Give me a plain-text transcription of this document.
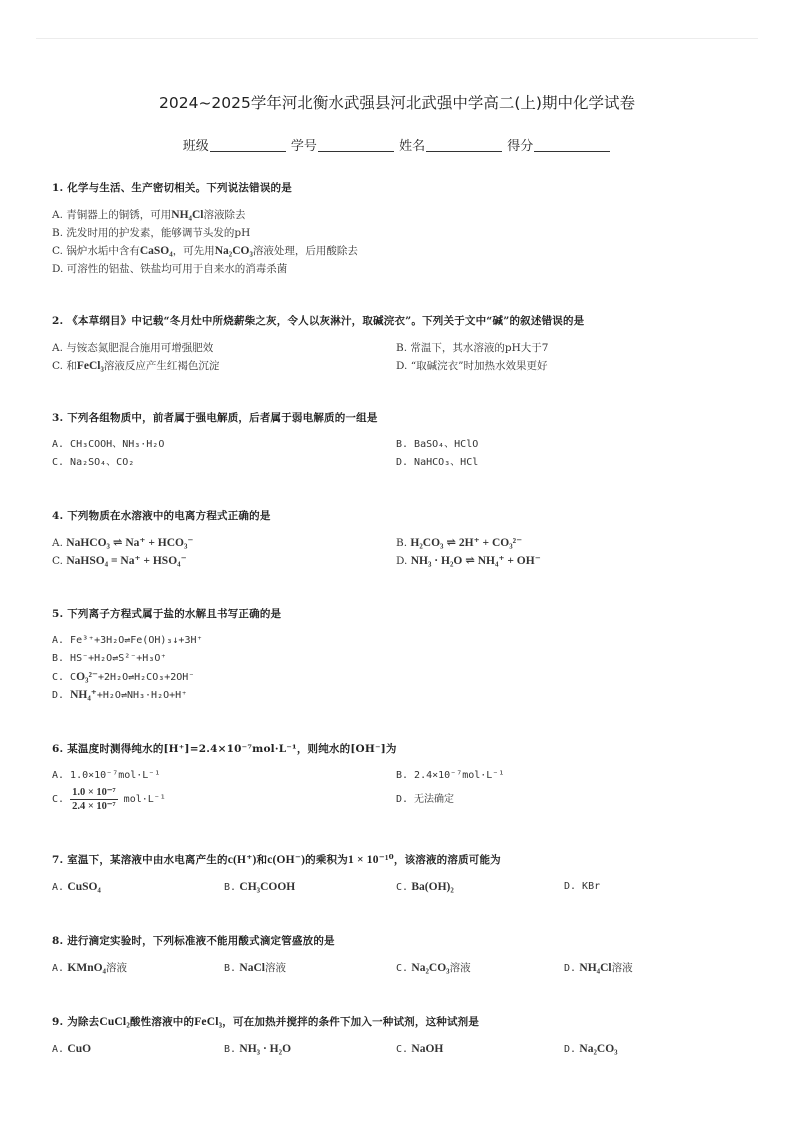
2024~2025学年河北衡水武强县河北武强中学高二(上)期中化学试卷
班级	学号	姓名	得分
1. 化学与生活、生产密切相关。下列说法错误的是
A. 青铜器上的铜锈，可用NH₄Cl溶液除去
B. 洗发时用的护发素，能够调节头发的pH
C. 锅炉水垢中含有CaSO₄，可先用Na₂CO₃溶液处理，后用酸除去
D. 可溶性的铝盐、铁盐均可用于自来水的消毒杀菌
2. 《本草纲目》中记载“冬月灶中所烧薪柴之灰，令人以灰淋汁，取碱浣衣”。下列关于文中“碱”的叙述错误的是
A. 与铵态氮肥混合施用可增强肥效	B. 常温下，其水溶液的pH大于7
C. 和FeCl₃溶液反应产生红褐色沉淀	D. “取碱浣衣”时加热水效果更好
3. 下列各组物质中，前者属于强电解质，后者属于弱电解质的一组是
A. CH₃COOH、NH₃·H₂O	B. BaSO₄、HClO
C. Na₂SO₄、CO₂	D. NaHCO₃、HCl
4. 下列物质在水溶液中的电离方程式正确的是
A. NaHCO₃ ⇌ Na⁺ + HCO₃⁻	B. H₂CO₃ ⇌ 2H⁺ + CO₃²⁻
C. NaHSO₄ = Na⁺ + HSO₄⁻	D. NH₃ · H₂O ⇌ NH₄⁺ + OH⁻
5. 下列离子方程式属于盐的水解且书写正确的是
A. Fe³⁺+3H₂O⇌Fe(OH)₃↓+3H⁺
B. HS⁻+H₂O⇌S²⁻+H₃O⁺
C. CO₃²⁻+2H₂O⇌H₂CO₃+2OH⁻
D. NH₄⁺+H₂O⇌NH₃·H₂O+H⁺
6. 某温度时测得纯水的[H⁺]=2.4×10⁻⁷mol·L⁻¹，则纯水的[OH⁻]为
A. 1.0×10⁻⁷mol·L⁻¹	B. 2.4×10⁻⁷mol·L⁻¹
C. $\frac{\text{1.0 × 10⁻⁷}}{\text{2.4 × 10⁻⁷}} mol\cdot L^{-1}$	D. 无法确定
7. 室温下，某溶液中由水电离产生的c(H⁺)和c(OH⁻)的乘积为1 × 10⁻¹⁰，该溶液的溶质可能为
A. CuSO₄	B. CH₃COOH	C. Ba(OH)₂	D. KBr
8. 进行滴定实验时，下列标准液不能用酸式滴定管盛放的是
A. KMnO₄溶液	B. NaCl溶液	C. Na₂CO₃溶液	D. NH₄Cl溶液
9. 为除去CuCl₂酸性溶液中的FeCl₃，可在加热并搅拌的条件下加入一种试剂，这种试剂是
A. CuO	B. NH₃ · H₂O	C. NaOH	D. Na₂CO₃
